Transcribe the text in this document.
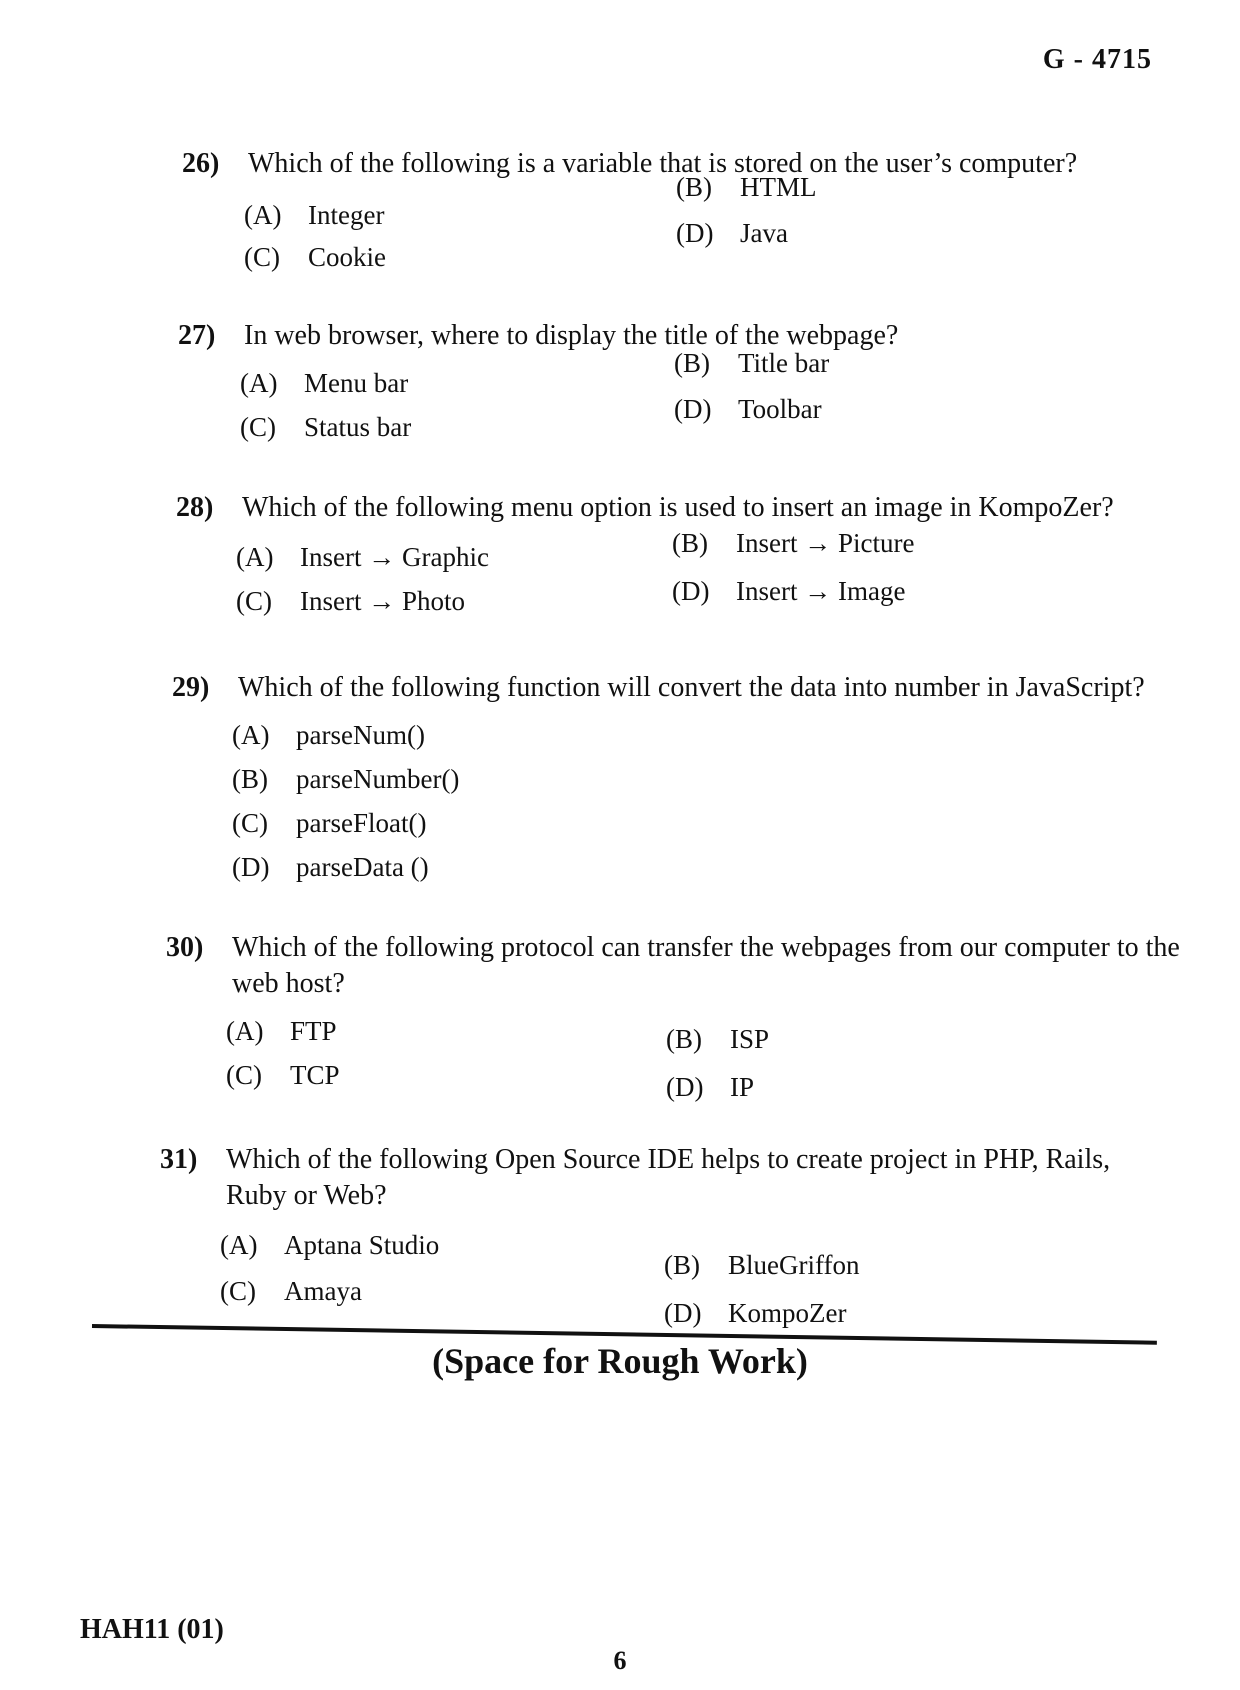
G - 4715
26) Which of the following is a variable that is stored on the user’s computer?
(A) Integer
(B) HTML
(C) Cookie
(D) Java
27) In web browser, where to display the title of the webpage?
(A) Menu bar
(B) Title bar
(C) Status bar
(D) Toolbar
28) Which of the following menu option is used to insert an image in KompoZer?
(A) Insert → Graphic	(B) Insert → Picture
(C) Insert → Photo	(D) Insert → Image
29) Which of the following function will convert the data into number in JavaScript?
(A) parseNum()
(B) parseNumber()
(C) parseFloat()
(D) parseData ()
30) Which of the following protocol can transfer the webpages from our computer to the web host?
(A) FTP	(B) ISP
(C) TCP	(D) IP
31) Which of the following Open Source IDE helps to create project in PHP, Rails, Ruby or Web?
(A) Aptana Studio
(B) BlueGriffon
(C) Amaya
(D) KompoZer
(Space for Rough Work)
HAH11 (01)
6
